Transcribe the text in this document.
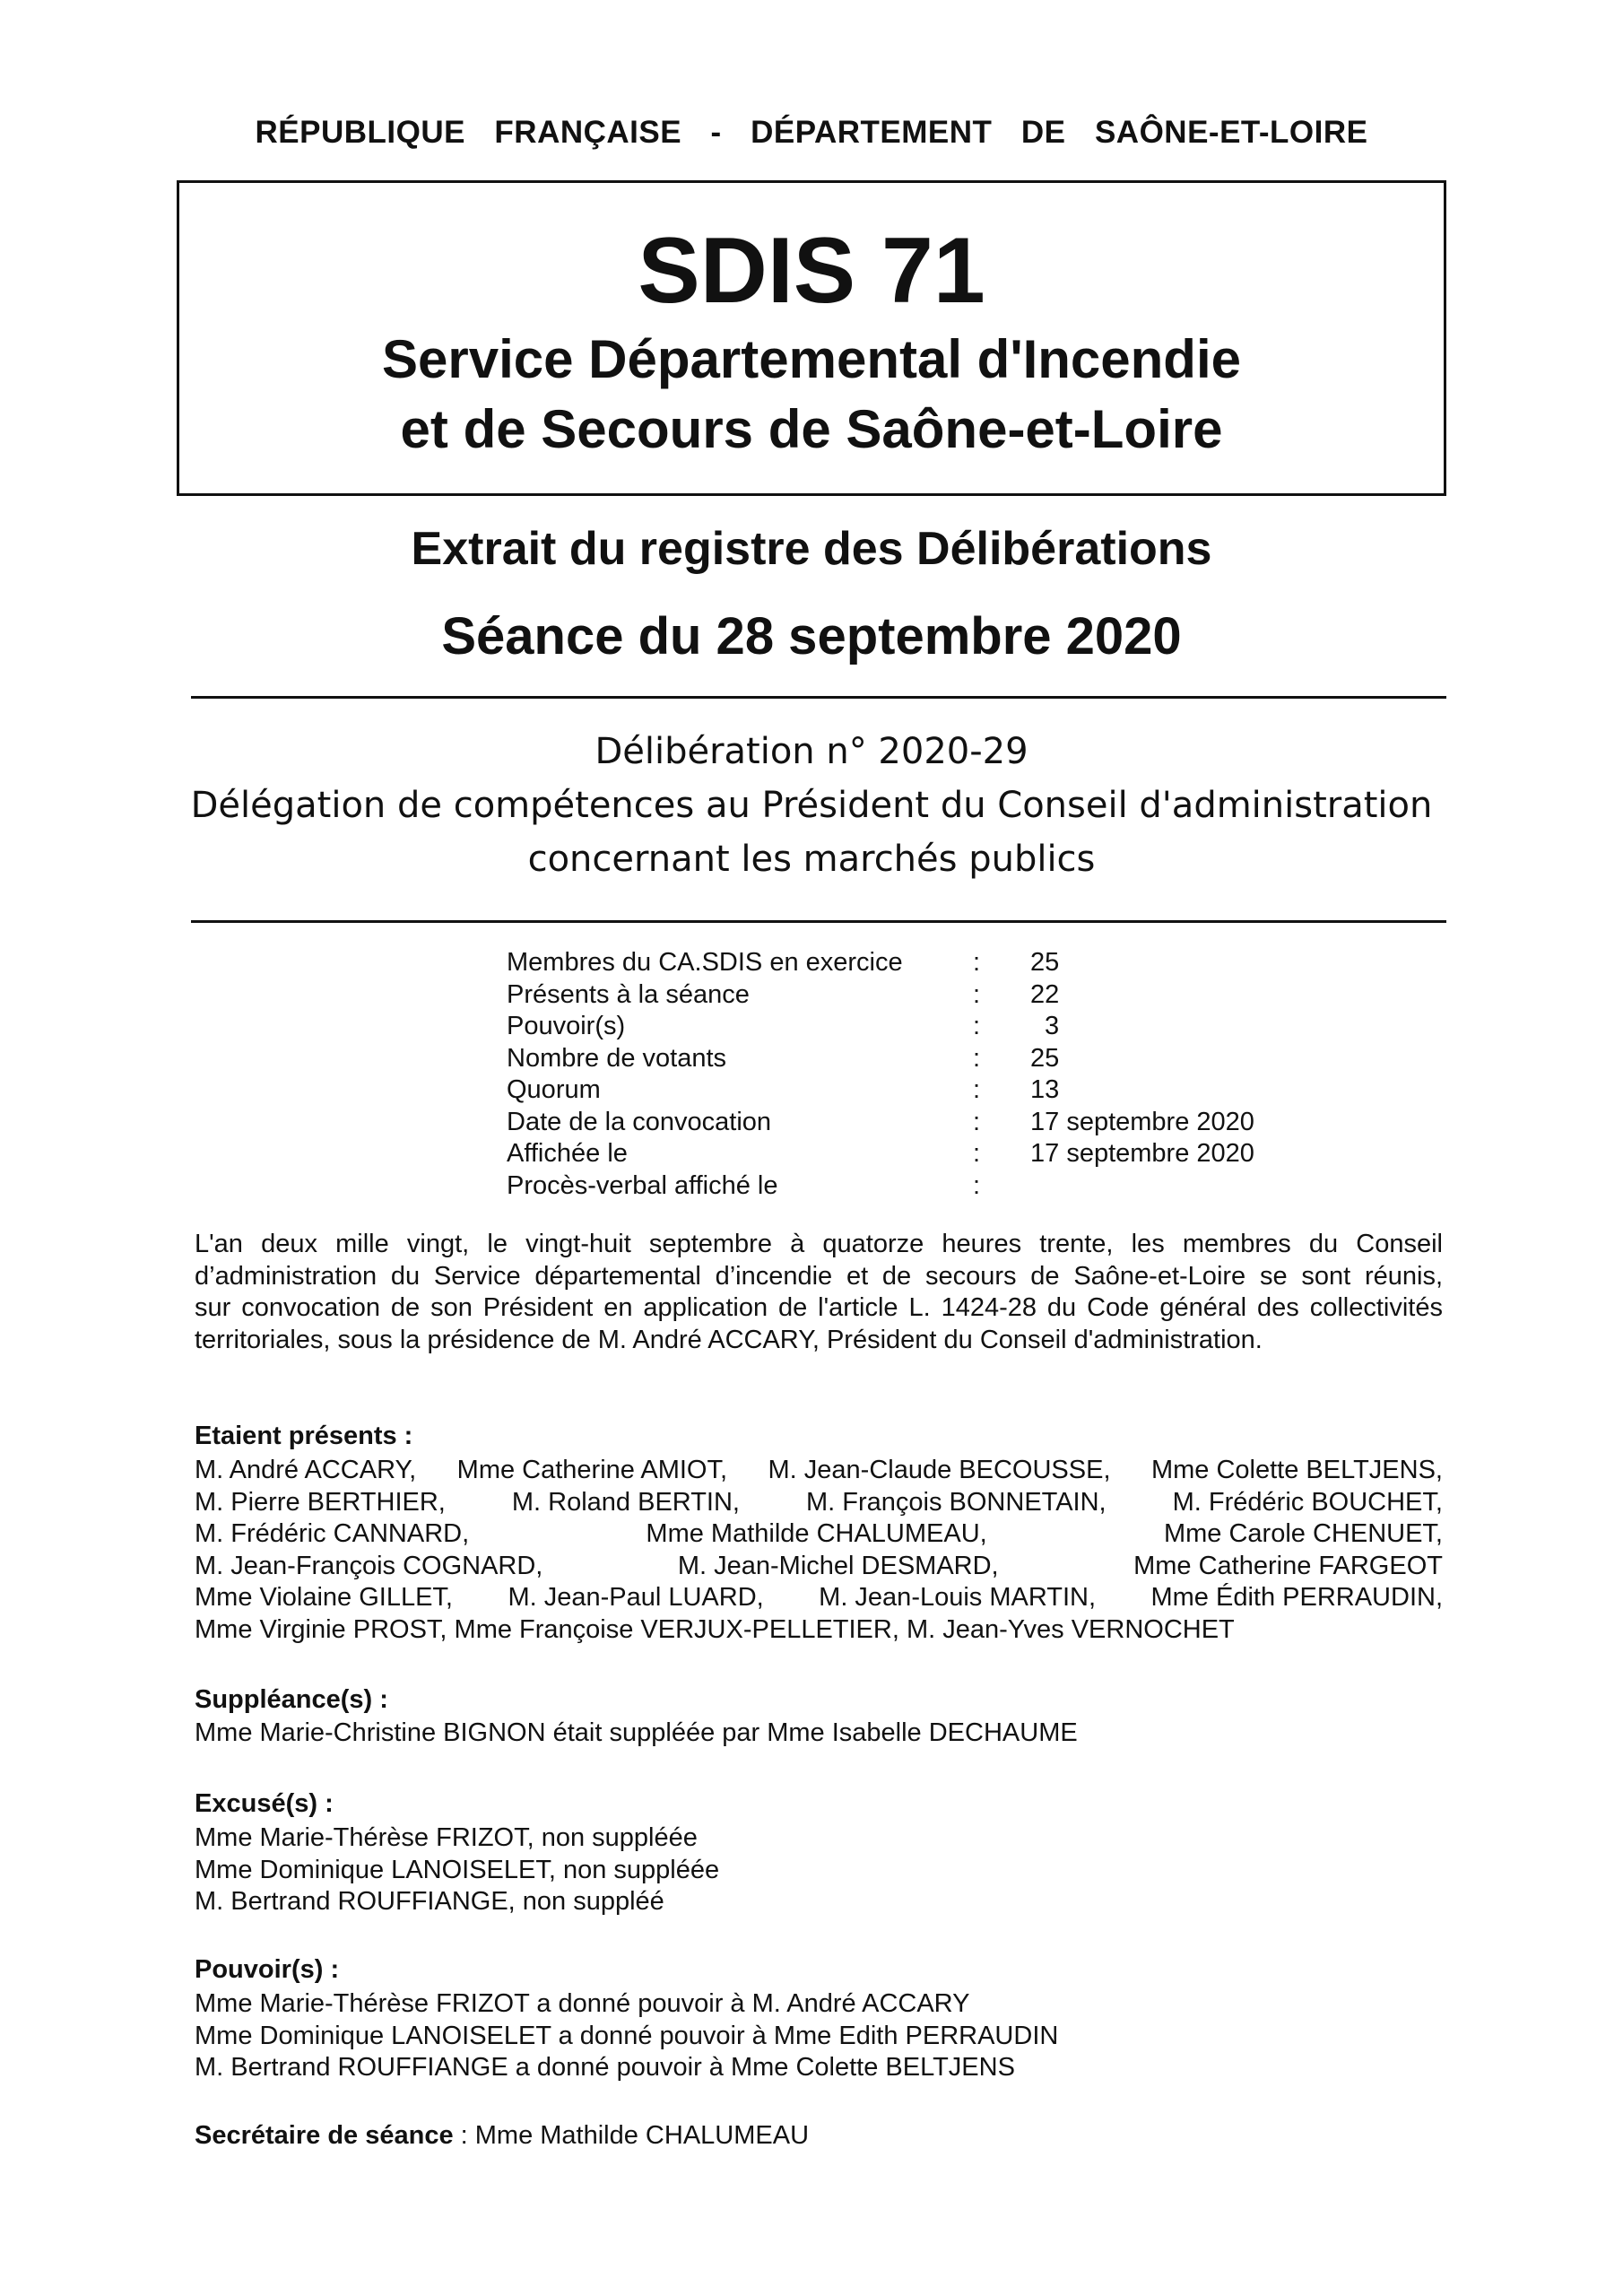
RÉPUBLIQUE  FRANÇAISE  -  DÉPARTEMENT  DE  SAÔNE-ET-LOIRE
SDIS 71
Service Départemental d'Incendie
et de Secours de Saône-et-Loire
Extrait du registre des Délibérations
Séance du 28 septembre 2020
Délibération n° 2020-29
Délégation de compétences au Président du Conseil d'administration
concernant les marchés publics
Membres du CA.SDIS en exercice	:	25
Présents à la séance	:	22
Pouvoir(s)	:	3
Nombre de votants	:	25
Quorum	:	13
Date de la convocation	:	17 septembre 2020
Affichée le	:	17 septembre 2020
Procès-verbal affiché le	:
L'an deux mille vingt, le vingt-huit septembre à quatorze heures trente, les membres du Conseil
d’administration du Service départemental d’incendie et de secours de Saône-et-Loire se sont réunis,
sur convocation de son Président en application de l'article L. 1424-28 du Code général des collectivités
territoriales, sous la présidence de M. André ACCARY, Président du Conseil d'administration.
Etaient présents :
M. André ACCARY, Mme Catherine AMIOT, M. Jean-Claude BECOUSSE, Mme Colette BELTJENS,
M. Pierre BERTHIER,	M. Roland BERTIN,	M. François BONNETAIN,	M. Frédéric BOUCHET,
M. Frédéric CANNARD,	Mme Mathilde CHALUMEAU,	Mme Carole CHENUET,
M. Jean-François COGNARD,	M. Jean-Michel DESMARD,	Mme Catherine FARGEOT
Mme Violaine GILLET, M. Jean-Paul LUARD, M. Jean-Louis MARTIN, Mme Édith PERRAUDIN,
Mme Virginie PROST, Mme Françoise VERJUX-PELLETIER, M. Jean-Yves VERNOCHET
Suppléance(s) :
Mme Marie-Christine BIGNON était suppléée par Mme Isabelle DECHAUME
Excusé(s) :
Mme Marie-Thérèse FRIZOT, non suppléée
Mme Dominique LANOISELET, non suppléée
M. Bertrand ROUFFIANGE, non suppléé
Pouvoir(s) :
Mme Marie-Thérèse FRIZOT a donné pouvoir à M. André ACCARY
Mme Dominique LANOISELET a donné pouvoir à Mme Edith PERRAUDIN
M. Bertrand ROUFFIANGE a donné pouvoir à Mme Colette BELTJENS
Secrétaire de séance : Mme Mathilde CHALUMEAU
